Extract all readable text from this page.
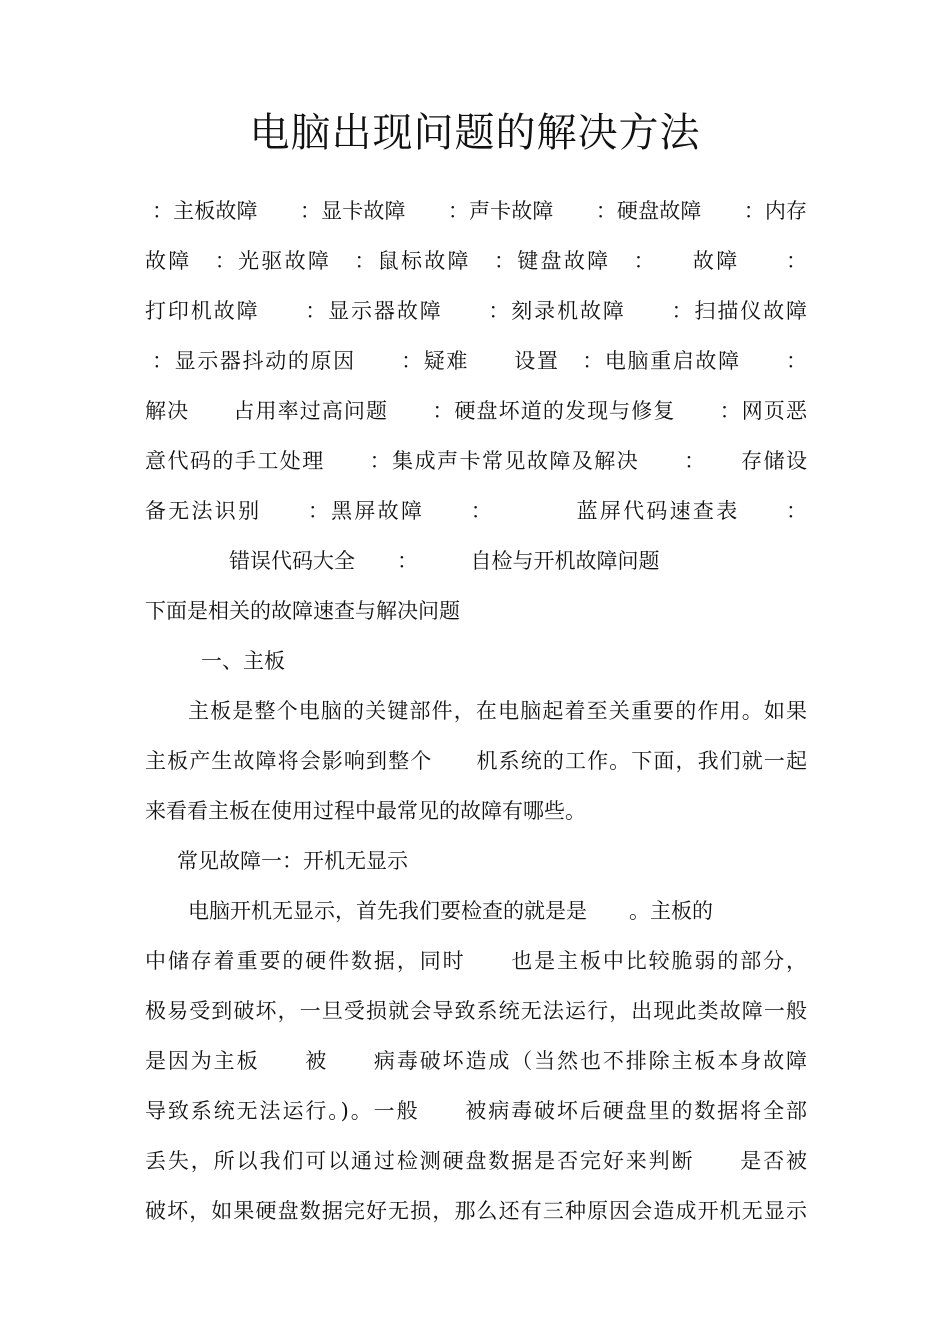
电脑出现问题的解决方法
：主板故障　　：显卡故障　　：声卡故障　　：硬盘故障　　：内存
故障　：光驱故障　：鼠标故障　：键盘故障　：　　故障　　：
打印机故障　　：显示器故障　　：刻录机故障　　：扫描仪故障
：显示器抖动的原因　　：疑难　　设置　：电脑重启故障　　：
解决　　占用率过高问题　　：硬盘坏道的发现与修复　　：网页恶
意代码的手工处理　　：集成声卡常见故障及解决　　：　　存储设
备无法识别　　：黑屏故障　　：　　　　蓝屏代码速查表　　：
　　错误代码大全　　：　　　自检与开机故障问题
下面是相关的故障速查与解决问题
　一、主板
主板是整个电脑的关键部件，在电脑起着至关重要的作用。如果
主板产生故障将会影响到整个　　机系统的工作。下面，我们就一起
来看看主板在使用过程中最常见的故障有哪些。
常见故障一：开机无显示
电脑开机无显示，首先我们要检查的就是是　　。主板的
中储存着重要的硬件数据，同时　　也是主板中比较脆弱的部分，
极易受到破坏，一旦受损就会导致系统无法运行，出现此类故障一般
是因为主板　　被　　病毒破坏造成（当然也不排除主板本身故障
导致系统无法运行。)。一般　　被病毒破坏后硬盘里的数据将全部
丢失，所以我们可以通过检测硬盘数据是否完好来判断　　是否被
破坏，如果硬盘数据完好无损，那么还有三种原因会造成开机无显示
